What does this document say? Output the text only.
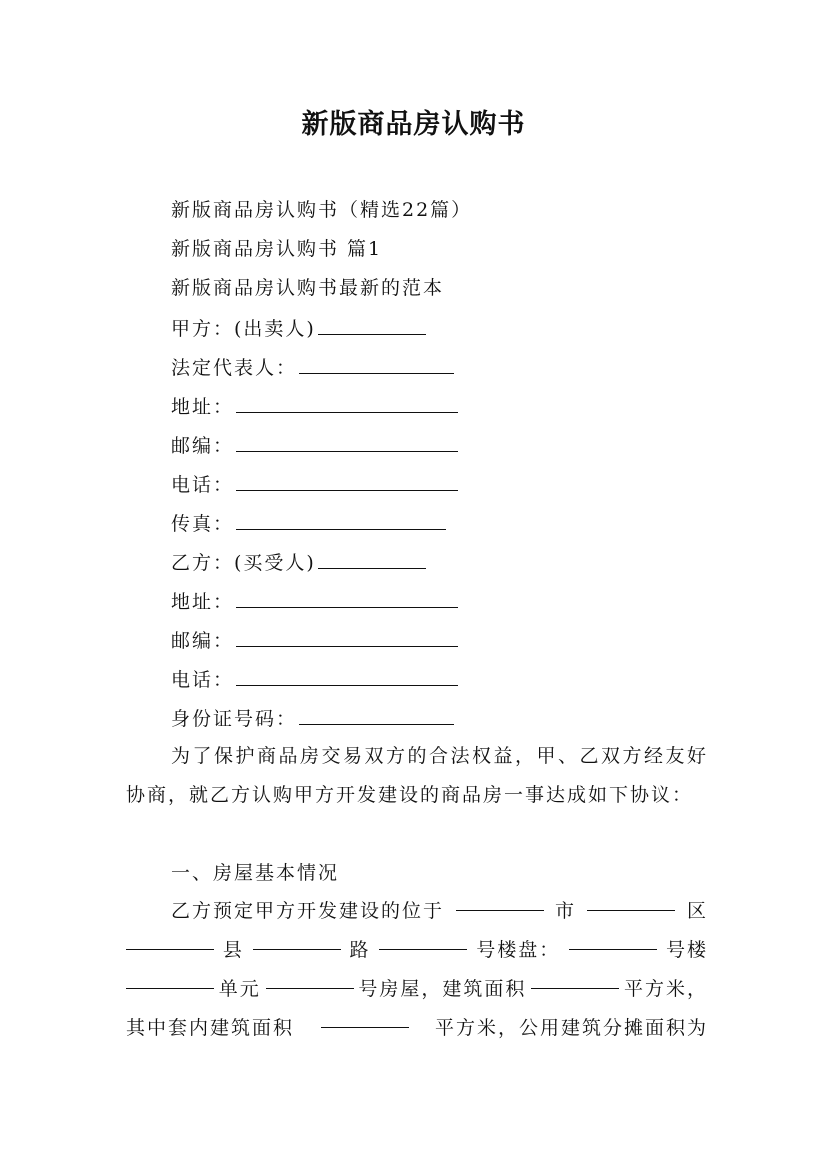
新版商品房认购书
新版商品房认购书（精选22篇）
新版商品房认购书 篇1
新版商品房认购书最新的范本
甲方：(出卖人)
法定代表人：
地址：
邮编：
电话：
传真：
乙方：(买受人)
地址：
邮编：
电话：
身份证号码：
为了保护商品房交易双方的合法权益，甲、乙双方经友好协商，就乙方认购甲方开发建设的商品房一事达成如下协议：
一、房屋基本情况
乙方预定甲方开发建设的位于	市	区
县	路	号楼盘：	号楼
单元	号房屋，建筑面积	平方米，
其中套内建筑面积	平方米，公用建筑分摊面积为
